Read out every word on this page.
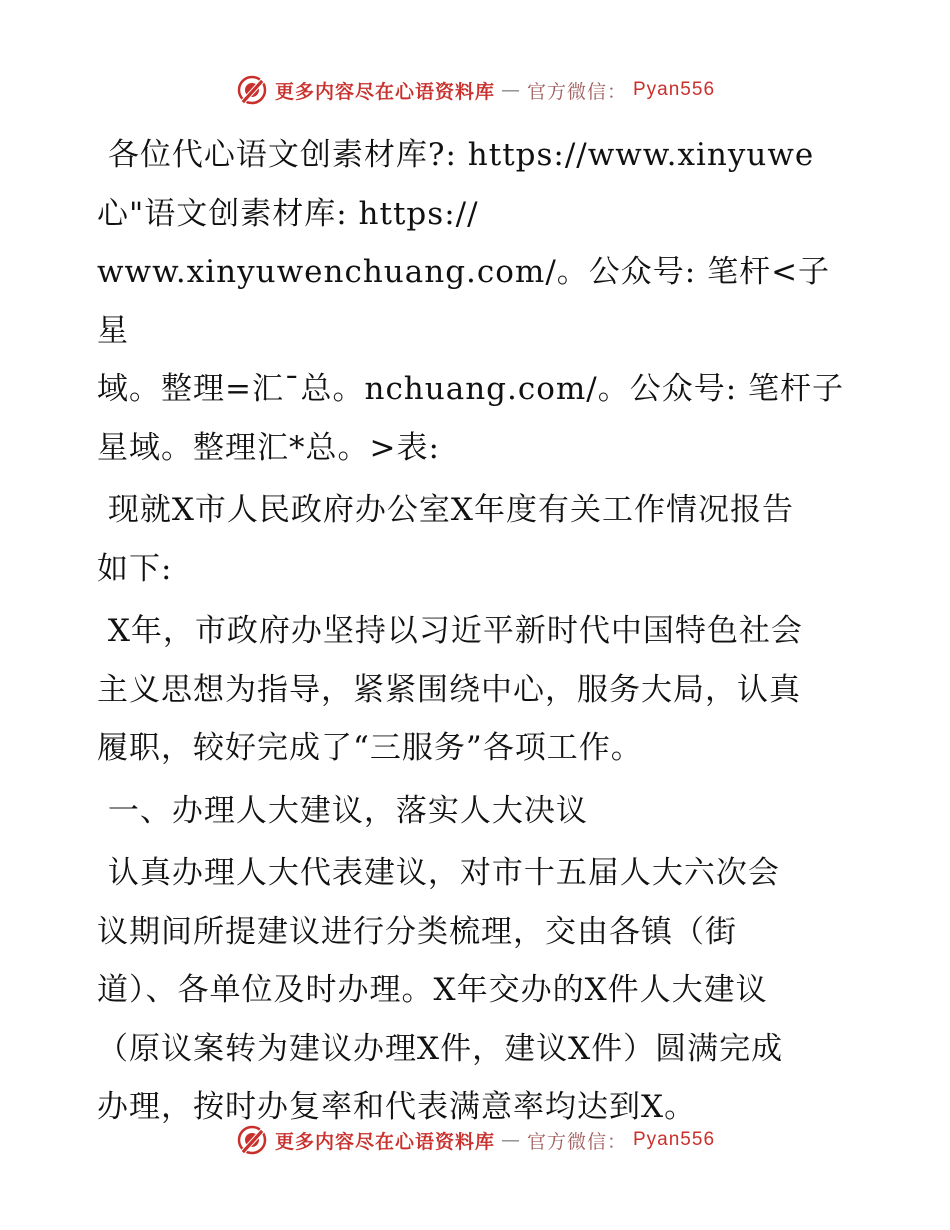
更多内容尽在心语资料库 — 官方微信： Pyan556

各位代心语文创素材库?: https://www.xinyuwe

心"语文创素材库: https://

www.xinyuwenchuang.com/。公众号: 笔杆<子星

域。整理=汇¯总。nchuang.com/。公众号: 笔杆子

星域。整理汇*总。>表:

现就X市人民政府办公室X年度有关工作情况报告

如下:

X年，市政府办坚持以习近平新时代中国特色社会

主义思想为指导，紧紧围绕中心，服务大局，认真

履职，较好完成了“三服务”各项工作。

一、办理人大建议，落实人大决议

认真办理人大代表建议，对市十五届人大六次会

议期间所提建议进行分类梳理，交由各镇（街

道）、各单位及时办理。X年交办的X件人大建议

（原议案转为建议办理X件，建议X件）圆满完成

办理，按时办复率和代表满意率均达到X。

更多内容尽在心语资料库 — 官方微信： Pyan556
